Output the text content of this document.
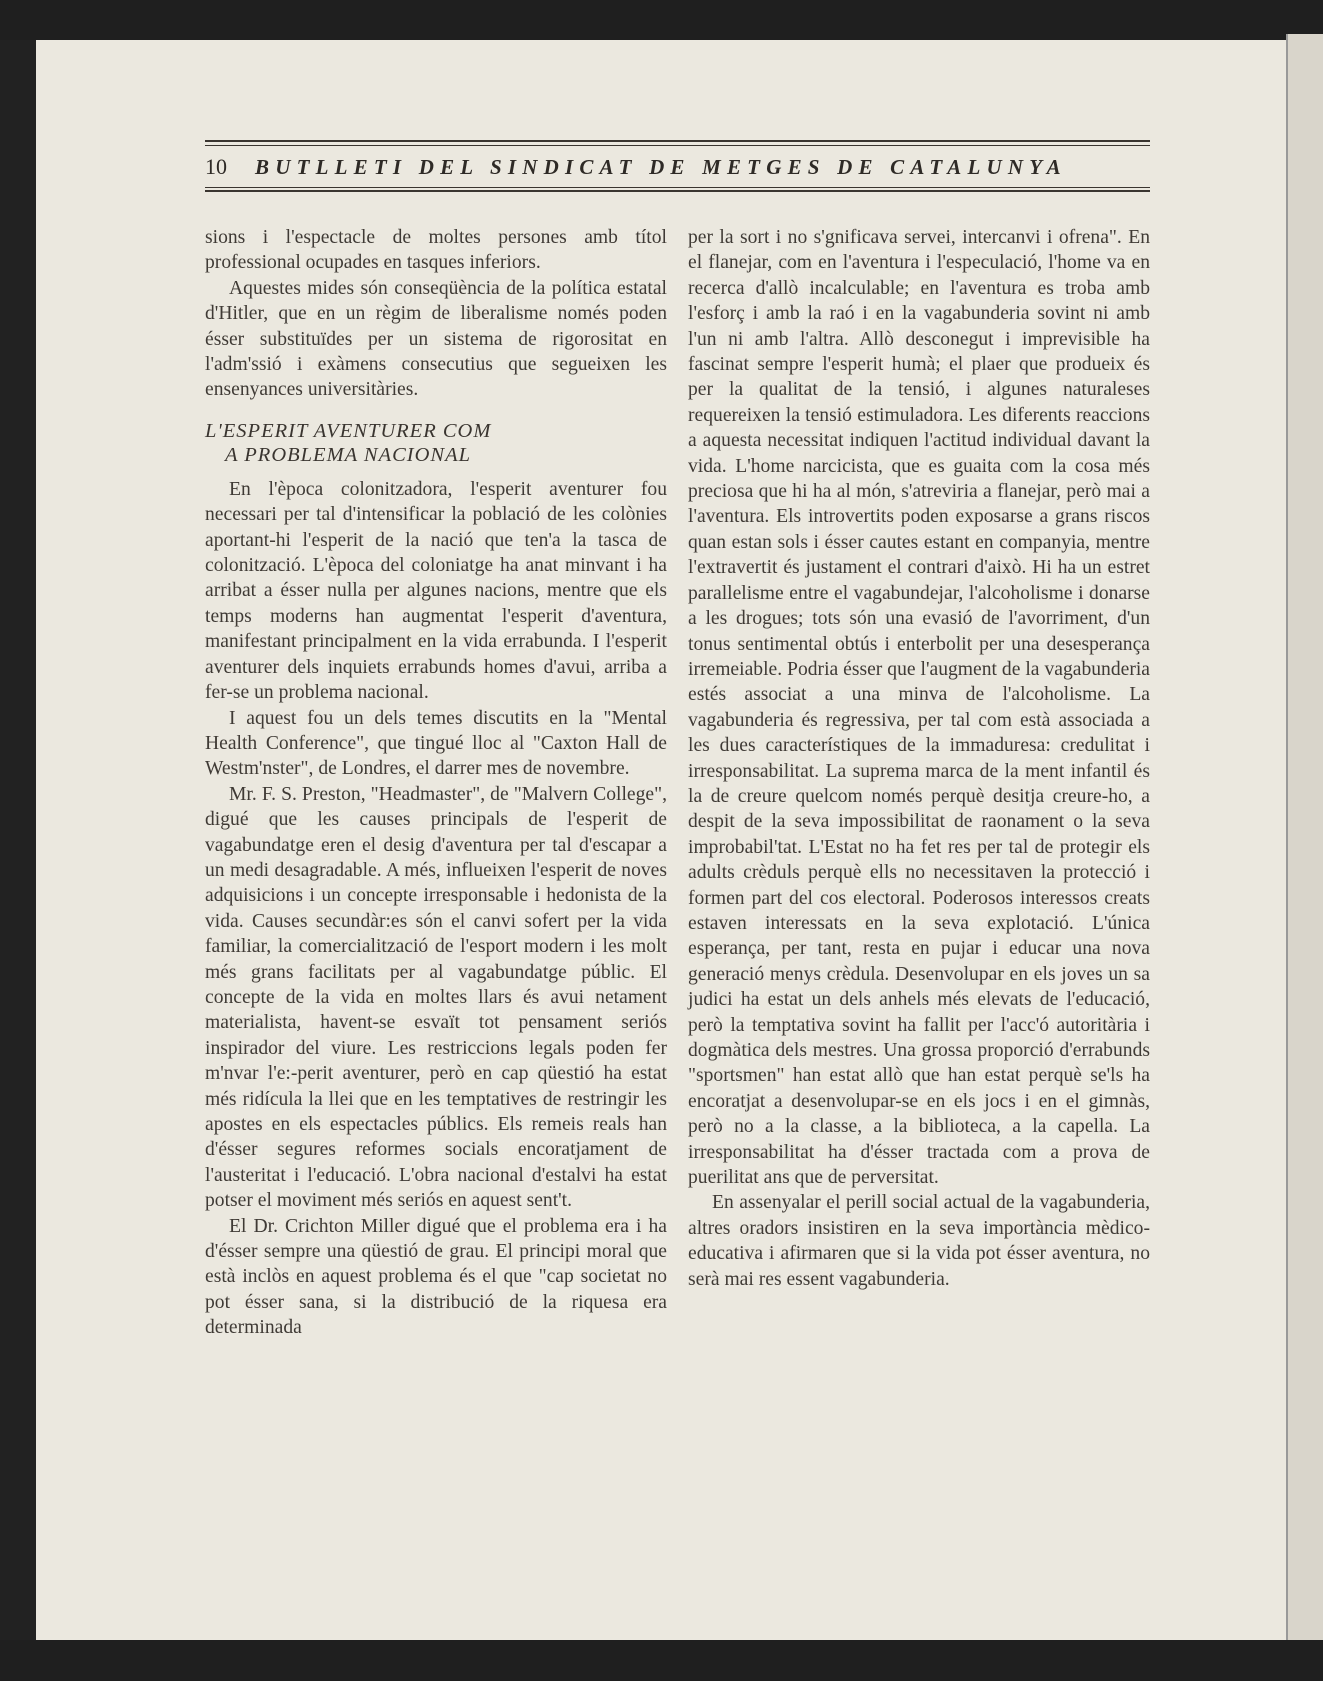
10	BUTLLETI DEL SINDICAT DE METGES DE CATALUNYA

sions i l'espectacle de moltes persones amb títol professional ocupades en tasques inferiors.

Aquestes mides són conseqüència de la política estatal d'Hitler, que en un règim de liberalisme només poden ésser substituïdes per un sistema de rigorositat en l'adm'ssió i exàmens consecutius que segueixen les ensenyances universitàries.

L'ESPERIT AVENTURER COM
A PROBLEMA NACIONAL

En l'època colonitzadora, l'esperit aventurer fou necessari per tal d'intensificar la població de les colònies aportant-hi l'esperit de la nació que ten'a la tasca de colonització. L'època del coloniatge ha anat minvant i ha arribat a ésser nulla per algunes nacions, mentre que els temps moderns han augmentat l'esperit d'aventura, manifestant principalment en la vida errabunda. I l'esperit aventurer dels inquiets errabunds homes d'avui, arriba a fer-se un problema nacional.

I aquest fou un dels temes discutits en la "Mental Health Conference", que tingué lloc al "Caxton Hall de Westm'nster", de Londres, el darrer mes de novembre.

Mr. F. S. Preston, "Headmaster", de "Malvern College", digué que les causes principals de l'esperit de vagabundatge eren el desig d'aventura per tal d'escapar a un medi desagradable. A més, influeixen l'esperit de noves adquisicions i un concepte irresponsable i hedonista de la vida. Causes secundàr:es són el canvi sofert per la vida familiar, la comercialització de l'esport modern i les molt més grans facilitats per al vagabundatge públic. El concepte de la vida en moltes llars és avui netament materialista, havent-se esvaït tot pensament seriós inspirador del viure. Les restriccions legals poden fer m'nvar l'e:-perit aventurer, però en cap qüestió ha estat més ridícula la llei que en les temptatives de restringir les apostes en els espectacles públics. Els remeis reals han d'ésser segures reformes socials encoratjament de l'austeritat i l'educació. L'obra nacional d'estalvi ha estat potser el moviment més seriós en aquest sent't.

El Dr. Crichton Miller digué que el problema era i ha d'ésser sempre una qüestió de grau. El principi moral que està inclòs en aquest problema és el que "cap societat no pot ésser sana, si la distribució de la riquesa era determinada

per la sort i no s'gnificava servei, intercanvi i ofrena". En el flanejar, com en l'aventura i l'especulació, l'home va en recerca d'allò incalculable; en l'aventura es troba amb l'esforç i amb la raó i en la vagabunderia sovint ni amb l'un ni amb l'altra. Allò desconegut i imprevisible ha fascinat sempre l'esperit humà; el plaer que produeix és per la qualitat de la tensió, i algunes naturaleses requereixen la tensió estimuladora. Les diferents reaccions a aquesta necessitat indiquen l'actitud individual davant la vida. L'home narcicista, que es guaita com la cosa més preciosa que hi ha al món, s'atreviria a flanejar, però mai a l'aventura. Els introvertits poden exposarse a grans riscos quan estan sols i ésser cautes estant en companyia, mentre l'extravertit és justament el contrari d'això. Hi ha un estret parallelisme entre el vagabundejar, l'alcoholisme i donarse a les drogues; tots són una evasió de l'avorriment, d'un tonus sentimental obtús i enterbolit per una desesperança irremeiable. Podria ésser que l'augment de la vagabunderia estés associat a una minva de l'alcoholisme. La vagabunderia és regressiva, per tal com està associada a les dues característiques de la immaduresa: credulitat i irresponsabilitat. La suprema marca de la ment infantil és la de creure quelcom només perquè desitja creure-ho, a despit de la seva impossibilitat de raonament o la seva improbabil'tat. L'Estat no ha fet res per tal de protegir els adults crèduls perquè ells no necessitaven la protecció i formen part del cos electoral. Poderosos interessos creats estaven interessats en la seva explotació. L'única esperança, per tant, resta en pujar i educar una nova generació menys crèdula. Desenvolupar en els joves un sa judici ha estat un dels anhels més elevats de l'educació, però la temptativa sovint ha fallit per l'acc'ó autoritària i dogmàtica dels mestres. Una grossa proporció d'errabunds "sportsmen" han estat allò que han estat perquè se'ls ha encoratjat a desenvolupar-se en els jocs i en el gimnàs, però no a la classe, a la biblioteca, a la capella. La irresponsabilitat ha d'ésser tractada com a prova de puerilitat ans que de perversitat.

En assenyalar el perill social actual de la vagabunderia, altres oradors insistiren en la seva importància mèdico-educativa i afirmaren que si la vida pot ésser aventura, no serà mai res essent vagabunderia.
